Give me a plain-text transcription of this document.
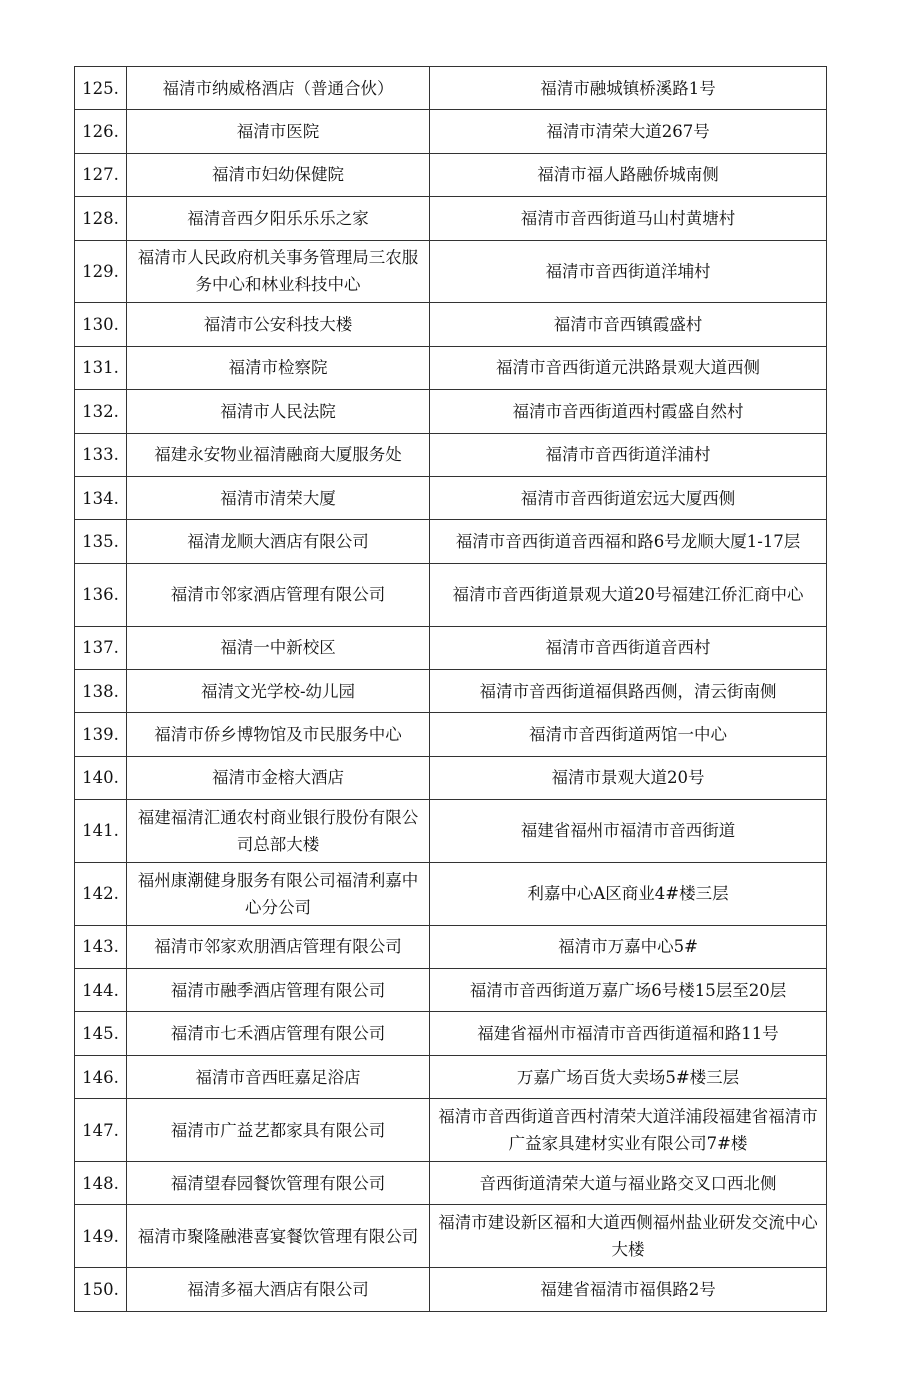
125.	福清市纳威格酒店（普通合伙）	福清市融城镇桥溪路1号
126.	福清市医院	福清市清荣大道267号
127.	福清市妇幼保健院	福清市福人路融侨城南侧
128.	福清音西夕阳乐乐乐之家	福清市音西街道马山村黄塘村
129.	福清市人民政府机关事务管理局三农服务中心和林业科技中心	福清市音西街道洋埔村
130.	福清市公安科技大楼	福清市音西镇霞盛村
131.	福清市检察院	福清市音西街道元洪路景观大道西侧
132.	福清市人民法院	福清市音西街道西村霞盛自然村
133.	福建永安物业福清融商大厦服务处	福清市音西街道洋浦村
134.	福清市清荣大厦	福清市音西街道宏远大厦西侧
135.	福清龙顺大酒店有限公司	福清市音西街道音西福和路6号龙顺大厦1-17层
136.	福清市邻家酒店管理有限公司	福清市音西街道景观大道20号福建江侨汇商中心
137.	福清一中新校区	福清市音西街道音西村
138.	福清文光学校-幼儿园	福清市音西街道福俱路西侧，清云街南侧
139.	福清市侨乡博物馆及市民服务中心	福清市音西街道两馆一中心
140.	福清市金榕大酒店	福清市景观大道20号
141.	福建福清汇通农村商业银行股份有限公司总部大楼	福建省福州市福清市音西街道
142.	福州康潮健身服务有限公司福清利嘉中心分公司	利嘉中心A区商业4#楼三层
143.	福清市邻家欢朋酒店管理有限公司	福清市万嘉中心5#
144.	福清市融季酒店管理有限公司	福清市音西街道万嘉广场6号楼15层至20层
145.	福清市七禾酒店管理有限公司	福建省福州市福清市音西街道福和路11号
146.	福清市音西旺嘉足浴店	万嘉广场百货大卖场5#楼三层
147.	福清市广益艺都家具有限公司	福清市音西街道音西村清荣大道洋浦段福建省福清市广益家具建材实业有限公司7#楼
148.	福清望春园餐饮管理有限公司	音西街道清荣大道与福业路交叉口西北侧
149.	福清市聚隆融港喜宴餐饮管理有限公司	福清市建设新区福和大道西侧福州盐业研发交流中心大楼
150.	福清多福大酒店有限公司	福建省福清市福俱路2号
